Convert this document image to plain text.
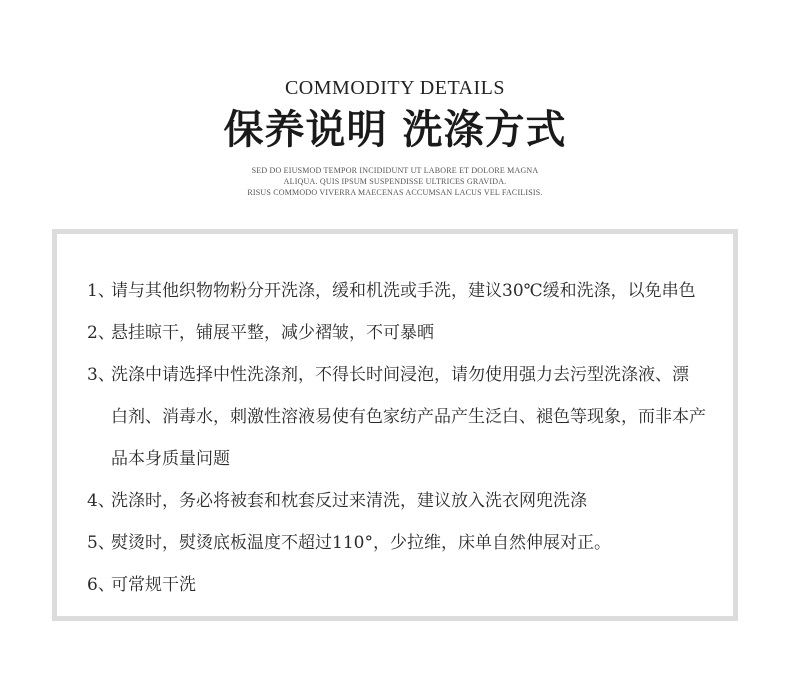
COMMODITY DETAILS
保养说明 洗涤方式
SED DO EIUSMOD TEMPOR INCIDIDUNT UT LABORE ET DOLORE MAGNA
ALIQUA. QUIS IPSUM SUSPENDISSE ULTRICES GRAVIDA.
RISUS COMMODO VIVERRA MAECENAS ACCUMSAN LACUS VEL FACILISIS.
1、
请与其他织物物粉分开洗涤，缓和机洗或手洗，建议30℃缓和洗涤，以免串色
2、
悬挂晾干，铺展平整，减少褶皱，不可暴晒
3、
洗涤中请选择中性洗涤剂，不得长时间浸泡，请勿使用强力去污型洗涤液、漂
白剂、消毒水，刺激性溶液易使有色家纺产品产生泛白、褪色等现象，而非本产
品本身质量问题
4、
洗涤时，务必将被套和枕套反过来清洗，建议放入洗衣网兜洗涤
5、
熨烫时，熨烫底板温度不超过110°，少拉维，床单自然伸展对正。
6、
可常规干洗
